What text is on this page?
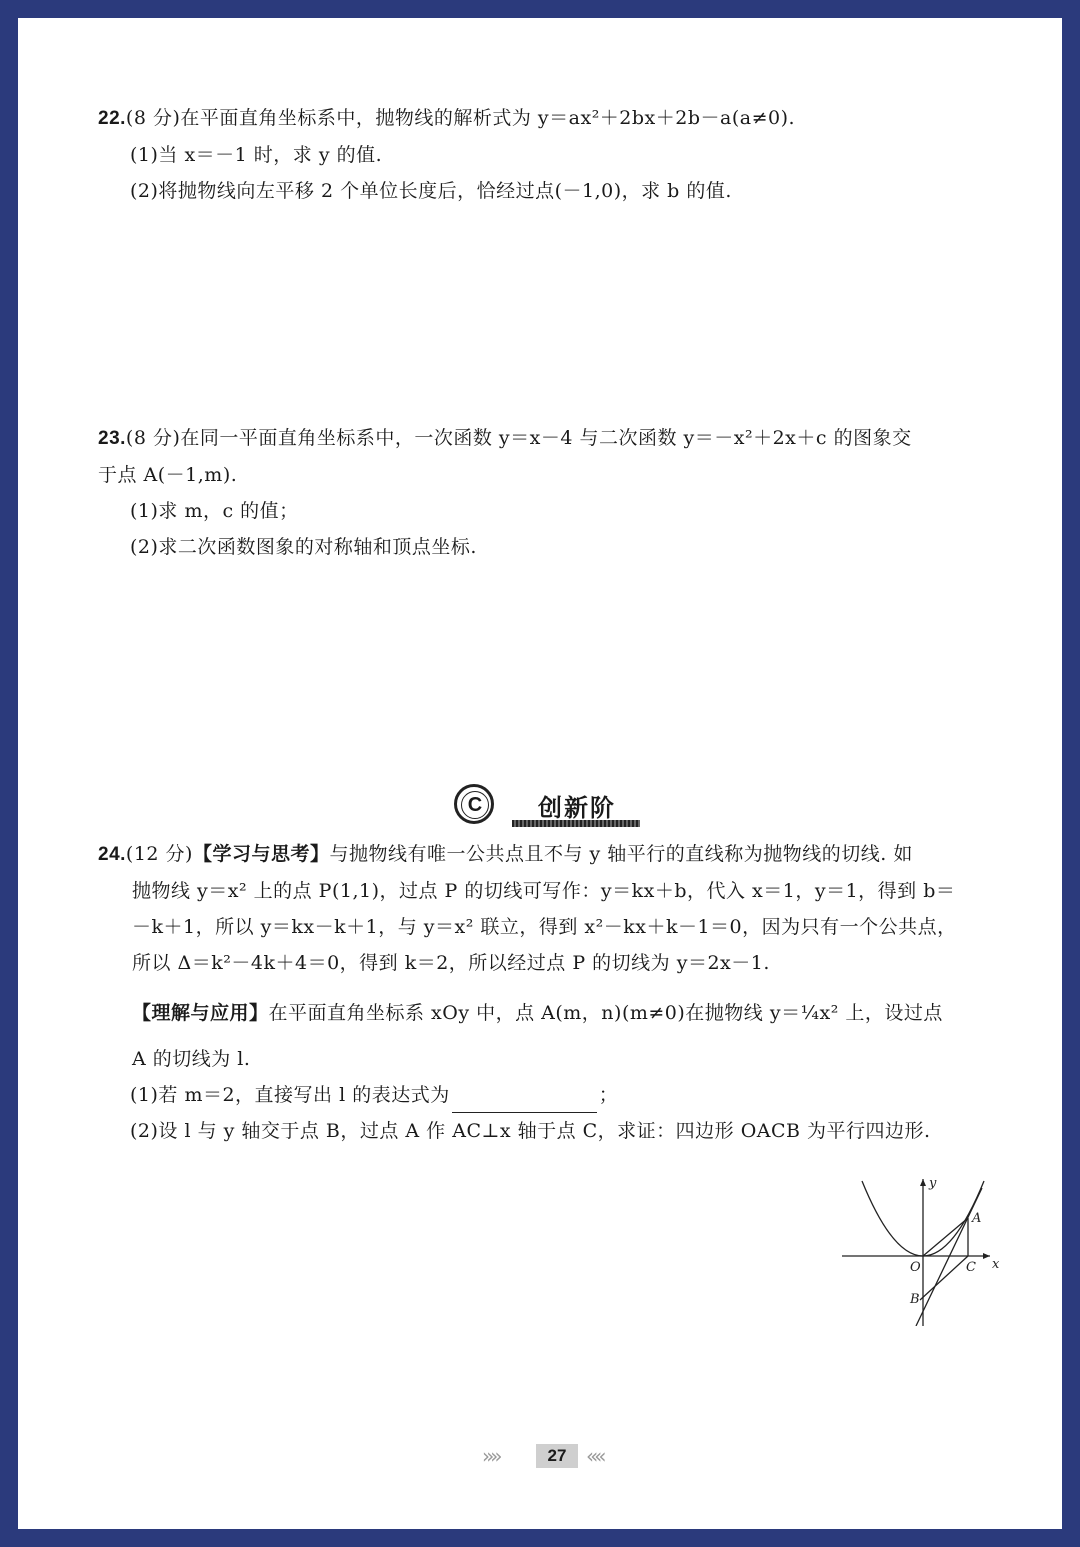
22.(8 分)在平面直角坐标系中，抛物线的解析式为 y＝ax²＋2bx＋2b－a(a≠0).
(1)当 x＝－1 时，求 y 的值.
(2)将抛物线向左平移 2 个单位长度后，恰经过点(－1,0)，求 b 的值.
23.(8 分)在同一平面直角坐标系中，一次函数 y＝x－4 与二次函数 y＝－x²＋2x＋c 的图象交
于点 A(－1,m).
(1)求 m，c 的值；
(2)求二次函数图象的对称轴和顶点坐标.
C 创新阶
24.(12 分)【学习与思考】与抛物线有唯一公共点且不与 y 轴平行的直线称为抛物线的切线. 如
抛物线 y＝x² 上的点 P(1,1)，过点 P 的切线可写作：y＝kx＋b，代入 x＝1，y＝1，得到 b＝
－k＋1，所以 y＝kx－k＋1，与 y＝x² 联立，得到 x²－kx＋k－1＝0，因为只有一个公共点，
所以 Δ＝k²－4k＋4＝0，得到 k＝2，所以经过点 P 的切线为 y＝2x－1.
【理解与应用】在平面直角坐标系 xOy 中，点 A(m，n)(m≠0)在抛物线 y＝¼x² 上，设过点
A 的切线为 l.
(1)若 m＝2，直接写出 l 的表达式为	；
(2)设 l 与 y 轴交于点 B，过点 A 作 AC⊥x 轴于点 C，求证：四边形 OACB 为平行四边形.
y
x
A
O	C
B
»»	27 ««
